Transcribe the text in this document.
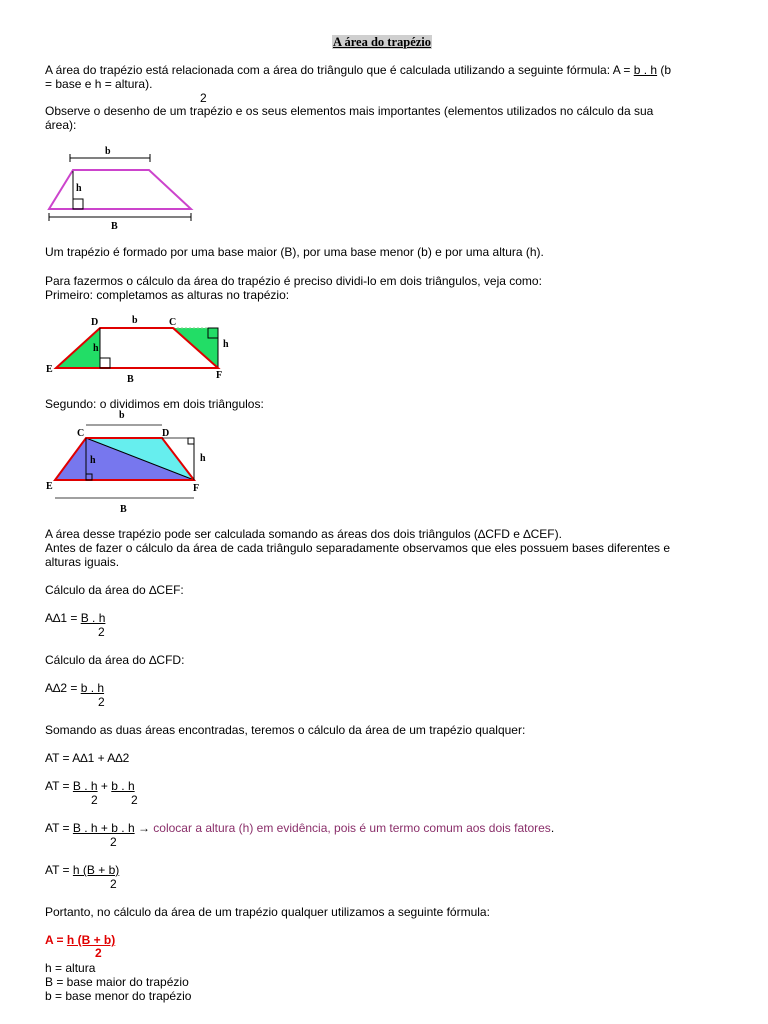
A área do trapézio
A área do trapézio está relacionada com a área do triângulo que é calculada utilizando a seguinte fórmula: A = b . h (b
= base e h = altura).
2
Observe o desenho de um trapézio e os seus elementos mais importantes (elementos utilizados no cálculo da sua
área):
b
h
B
Um trapézio é formado por uma base maior (B), por uma base menor (b) e por uma altura (h).
Para fazermos o cálculo da área do trapézio é preciso dividi-lo em dois triângulos, veja como:
Primeiro: completamos as alturas no trapézio:
D	b	C
h	h
E
B	F
Segundo: o dividimos em dois triângulos:
b
C	D
h	h
E	F
B
A área desse trapézio pode ser calculada somando as áreas dos dois triângulos (∆CFD e ∆CEF).
Antes de fazer o cálculo da área de cada triângulo separadamente observamos que eles possuem bases diferentes e
alturas iguais.
Cálculo da área do ∆CEF:
A∆1 = B . h
2
Cálculo da área do ∆CFD:
A∆2 = b . h
2
Somando as duas áreas encontradas, teremos o cálculo da área de um trapézio qualquer:
AT = A∆1 + A∆2
AT = B . h + b . h
2	2
AT = B . h + b . h → colocar a altura (h) em evidência, pois é um termo comum aos dois fatores.
2
AT = h (B + b)
2
Portanto, no cálculo da área de um trapézio qualquer utilizamos a seguinte fórmula:
A = h (B + b)
2
h = altura
B = base maior do trapézio
b = base menor do trapézio
